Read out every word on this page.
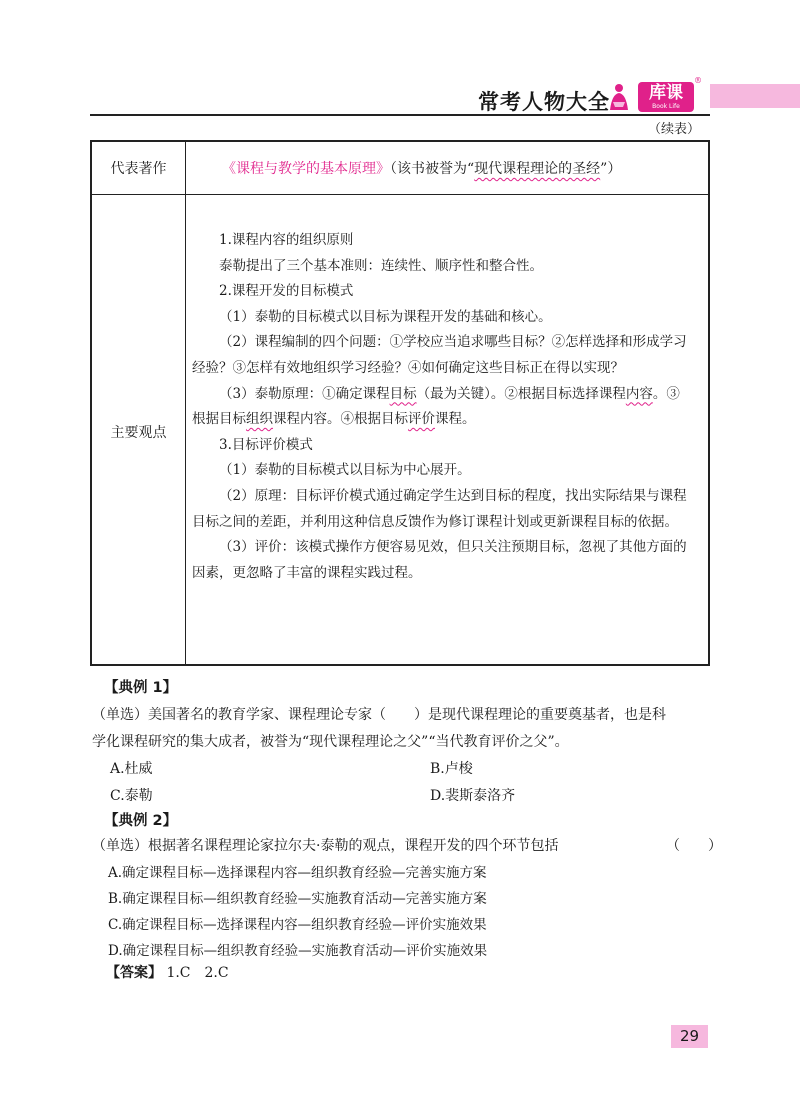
常考人物大全	库课
Book Life
®
（续表）
代表著作	《课程与教学的基本原理》（该书被誉为“现代课程理论的圣经”）
主要观点

1.课程内容的组织原则

泰勒提出了三个基本准则：连续性、顺序性和整合性。

2.课程开发的目标模式

（1）泰勒的目标模式以目标为课程开发的基础和核心。

（2）课程编制的四个问题：①学校应当追求哪些目标？②怎样选择和形成学习经验？③怎样有效地组织学习经验？④如何确定这些目标正在得以实现？

（3）泰勒原理：①确定课程目标（最为关键）。②根据目标选择课程内容。③根据目标组织课程内容。④根据目标评价课程。

3.目标评价模式

（1）泰勒的目标模式以目标为中心展开。

（2）原理：目标评价模式通过确定学生达到目标的程度，找出实际结果与课程目标之间的差距，并利用这种信息反馈作为修订课程计划或更新课程目标的依据。

（3）评价：该模式操作方便容易见效，但只关注预期目标，忽视了其他方面的因素，更忽略了丰富的课程实践过程。

【典例 1】
（单选）美国著名的教育学家、课程理论专家（　　）是现代课程理论的重要奠基者，也是科
学化课程研究的集大成者，被誉为“现代课程理论之父”“当代教育评价之父”。
A.杜威	B.卢梭
C.泰勒	D.裴斯泰洛齐
【典例 2】
（单选）根据著名课程理论家拉尔夫·泰勒的观点，课程开发的四个环节包括	（　　）
A.确定课程目标—选择课程内容—组织教育经验—完善实施方案
B.确定课程目标—组织教育经验—实施教育活动—完善实施方案
C.确定课程目标—选择课程内容—组织教育经验—评价实施效果
D.确定课程目标—组织教育经验—实施教育活动—评价实施效果
【答案】 1.C　2.C
29
